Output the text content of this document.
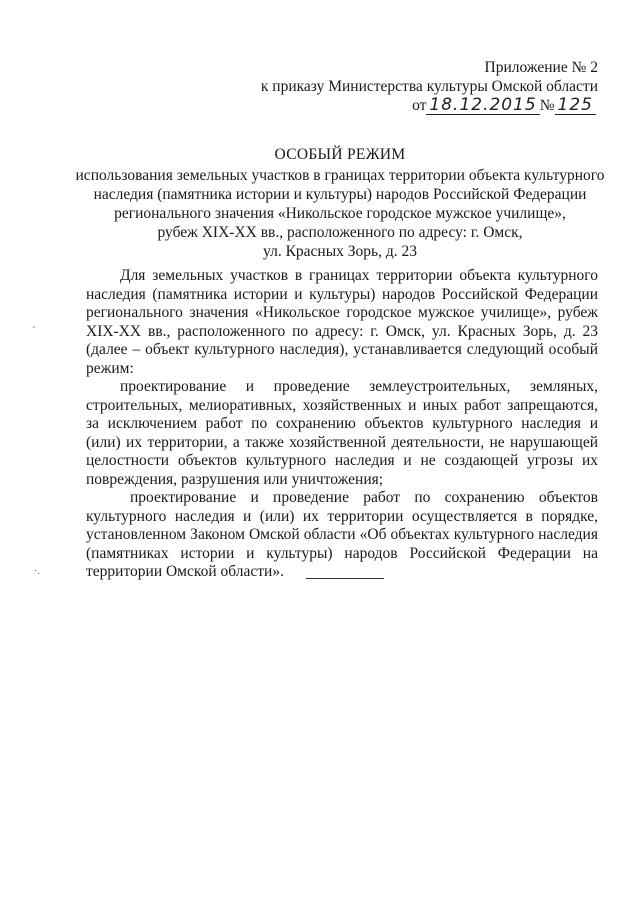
Приложение № 2
к приказу Министерства культуры Омской области
от 18.12.2015 № 125
ОСОБЫЙ РЕЖИМ
использования земельных участков в границах территории объекта культурного
наследия (памятника истории и культуры) народов Российской Федерации
регионального значения «Никольское городское мужское училище»,
рубеж XIX-XX вв., расположенного по адресу: г. Омск,
ул. Красных Зорь, д. 23

Для земельных участков в границах территории объекта культурного наследия (памятника истории и культуры) народов Российской Федерации регионального значения «Никольское городское мужское училище», рубеж XIX-XX вв., расположенного по адресу: г. Омск, ул. Красных Зорь, д. 23 (далее – объект культурного наследия), устанавливается следующий особый режим:

проектирование и проведение землеустроительных, земляных, строительных, мелиоративных, хозяйственных и иных работ запрещаются, за исключением работ по сохранению объектов культурного наследия и (или) их территории, а также хозяйственной деятельности, не нарушающей целостности объектов культурного наследия и не создающей угрозы их повреждения, разрушения или уничтожения;

проектирование и проведение работ по сохранению объектов культурного наследия и (или) их территории осуществляется в порядке, установленном Законом Омской области «Об объектах культурного наследия (памятниках истории и культуры) народов Российской Федерации на территории Омской области».

‐
·.
